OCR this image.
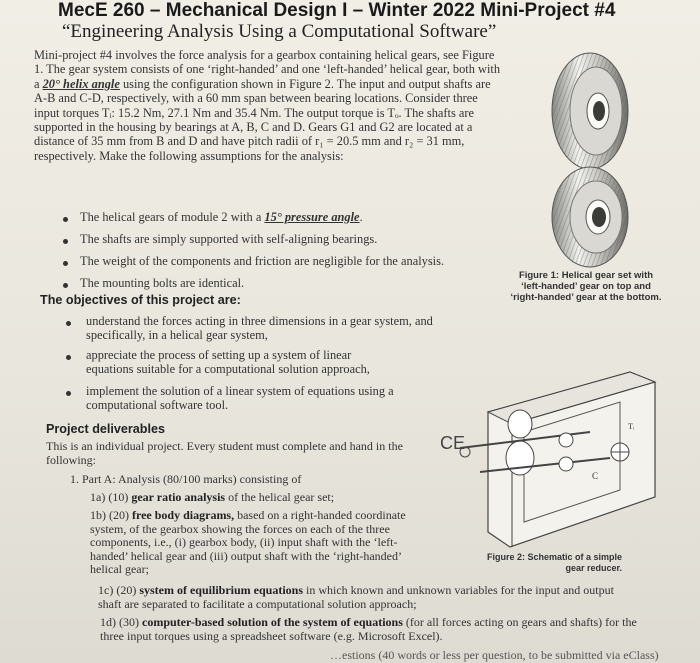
MecE 260 – Mechanical Design I – Winter 2022 Mini-Project #4
“Engineering Analysis Using a Computational Software”
Mini-project #4 involves the force analysis for a gearbox containing helical gears, see Figure 1. The gear system consists of one ‘right-handed’ and one ‘left-handed’ helical gear, both with a 20° helix angle using the configuration shown in Figure 2. The input and output shafts are A-B and C-D, respectively, with a 60 mm span between bearing locations. Consider three input torques Tᵢ: 15.2 Nm, 27.1 Nm and 35.4 Nm. The output torque is Tₒ. The shafts are supported in the housing by bearings at A, B, C and D. Gears G1 and G2 are located at a distance of 35 mm from B and D and have pitch radii of r₁ = 20.5 mm and r₂ = 31 mm, respectively. Make the following assumptions for the analysis:
The helical gears of module 2 with a 15° pressure angle.
The shafts are simply supported with self-aligning bearings.
The weight of the components and friction are negligible for the analysis.
The mounting bolts are identical.
The objectives of this project are:
understand the forces acting in three dimensions in a gear system, and specifically, in a helical gear system,
appreciate the process of setting up a system of linear equations suitable for a computational solution approach,
implement the solution of a linear system of equations using a computational software tool.
Project deliverables
This is an individual project. Every student must complete and hand in the following:
1. Part A: Analysis (80/100 marks) consisting of
1a) (10) gear ratio analysis of the helical gear set;
1b) (20) free body diagrams, based on a right-handed coordinate system, of the gearbox showing the forces on each of the three components, i.e., (i) gearbox body, (ii) input shaft with the ‘left-handed’ helical gear and (iii) output shaft with the ‘right-handed’ helical gear;
1c) (20) system of equilibrium equations in which known and unknown variables for the input and output shaft are separated to facilitate a computational solution approach;
1d) (30) computer-based solution of the system of equations (for all forces acting on gears and shafts) for the three input torques using a spreadsheet software (e.g. Microsoft Excel).
…estions (40 words or less per question, to be submitted via eClass)
Figure 1: Helical gear set with ‘left-handed’ gear on top and ‘right-handed’ gear at the bottom.
CE
Tᵢ
C
Figure 2: Schematic of a simple gear reducer.
